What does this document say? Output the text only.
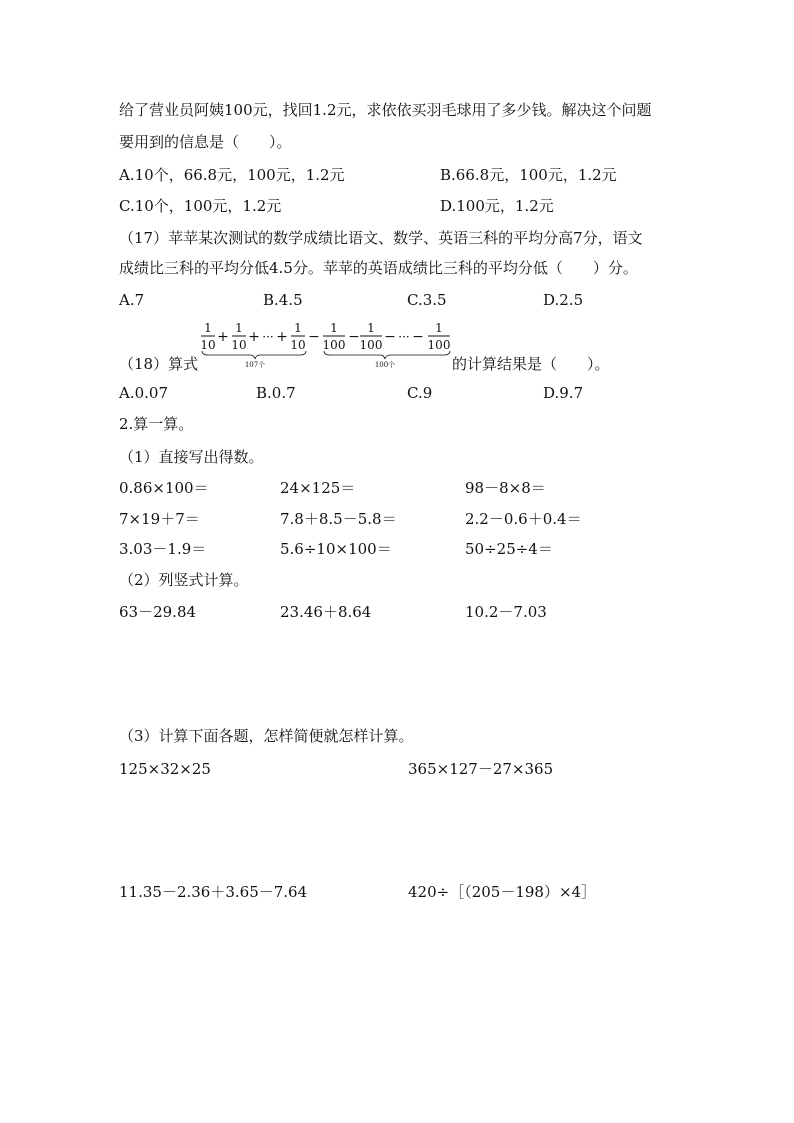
给了营业员阿姨100元，找回1.2元，求依依买羽毛球用了多少钱。解决这个问题
要用到的信息是（　　）。
A.10个，66.8元，100元，1.2元	B.66.8元，100元，1.2元
C.10个，100元，1.2元	D.100元，1.2元
（17）苹苹某次测试的数学成绩比语文、数学、英语三科的平均分高7分，语文
成绩比三科的平均分低4.5分。苹苹的英语成绩比三科的平均分低（　　）分。
A.7	B.4.5	C.3.5	D.2.5
（18）算式
1
10 +
1
10 + ··· +
1
10
107个
−
1
100 −
1
100 − ··· −
1
100
100个	的计算结果是（　　）。
A.0.07	B.0.7	C.9	D.9.7
2.算一算。
（1）直接写出得数。
0.86×100＝	24×125＝	98－8×8＝
7×19＋7＝	7.8＋8.5－5.8＝	2.2－0.6＋0.4＝
3.03－1.9＝	5.6÷10×100＝	50÷25÷4＝
（2）列竖式计算。
63－29.84	23.46＋8.64	10.2－7.03
（3）计算下面各题，怎样简便就怎样计算。
125×32×25	365×127－27×365
11.35－2.36＋3.65－7.64	420÷［（205－198）×4］
